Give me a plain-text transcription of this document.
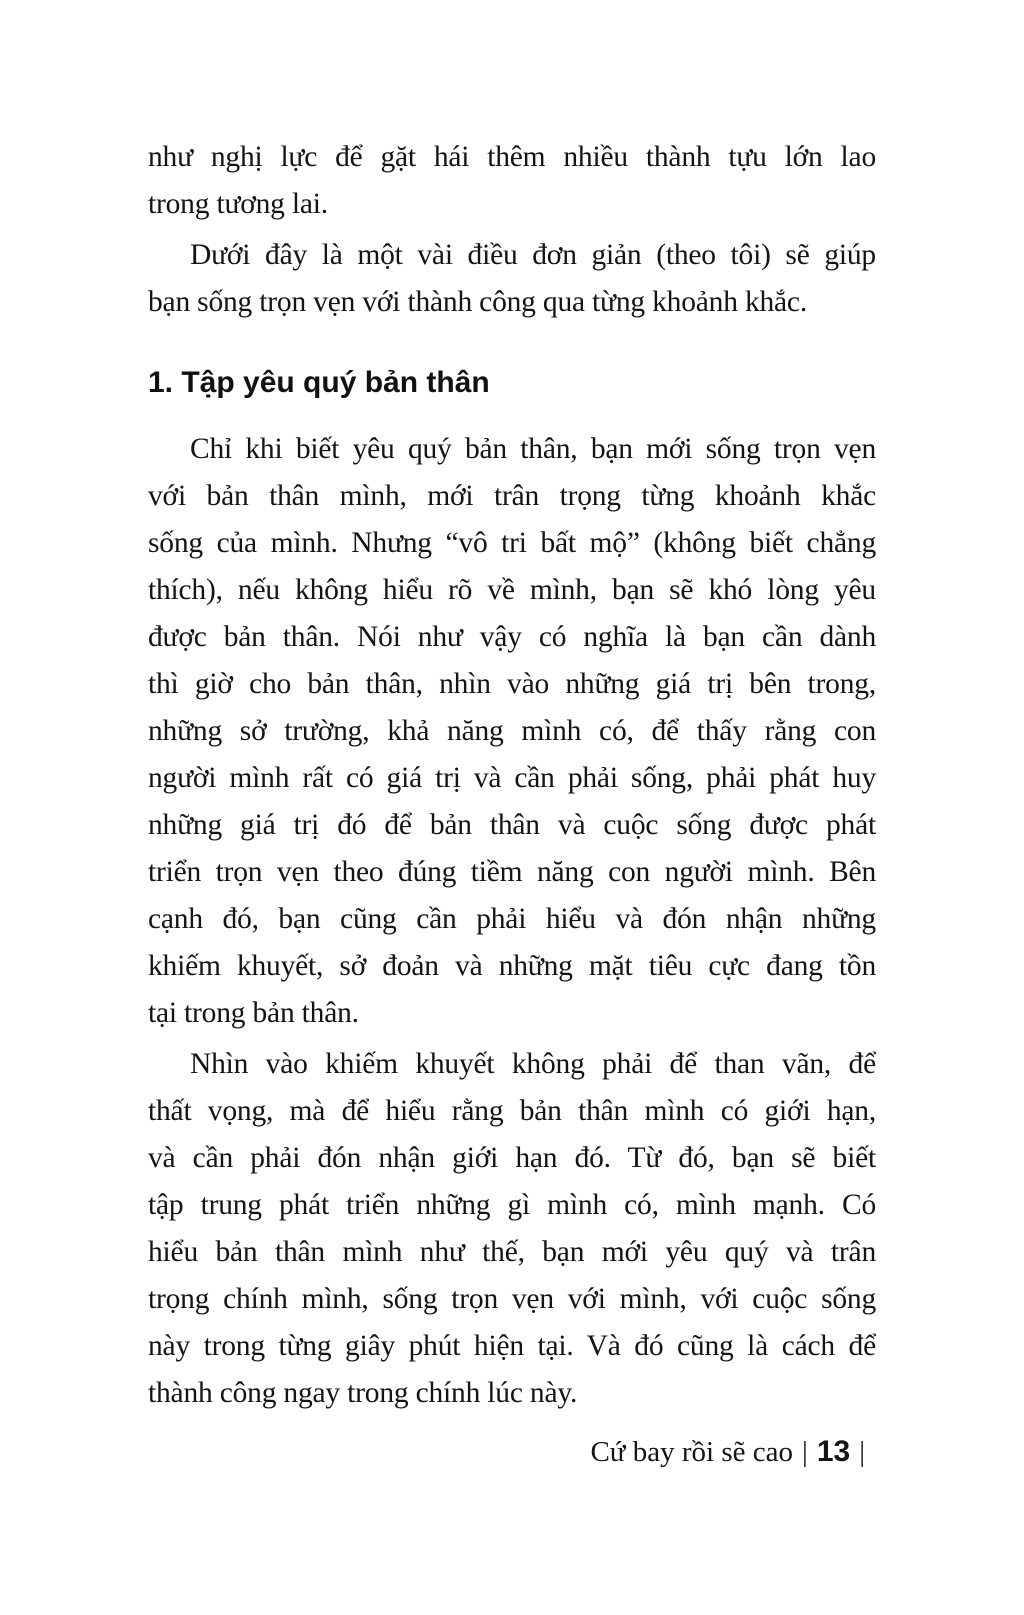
như nghị lực để gặt hái thêm nhiều thành tựu lớn lao
trong tương lai.
Dưới đây là một vài điều đơn giản (theo tôi) sẽ giúp
bạn sống trọn vẹn với thành công qua từng khoảnh khắc.
1. Tập yêu quý bản thân
Chỉ khi biết yêu quý bản thân, bạn mới sống trọn vẹn
với bản thân mình, mới trân trọng từng khoảnh khắc
sống của mình. Nhưng “vô tri bất mộ” (không biết chẳng
thích), nếu không hiểu rõ về mình, bạn sẽ khó lòng yêu
được bản thân. Nói như vậy có nghĩa là bạn cần dành
thì giờ cho bản thân, nhìn vào những giá trị bên trong,
những sở trường, khả năng mình có, để thấy rằng con
người mình rất có giá trị và cần phải sống, phải phát huy
những giá trị đó để bản thân và cuộc sống được phát
triển trọn vẹn theo đúng tiềm năng con người mình. Bên
cạnh đó, bạn cũng cần phải hiểu và đón nhận những
khiếm khuyết, sở đoản và những mặt tiêu cực đang tồn
tại trong bản thân.
Nhìn vào khiếm khuyết không phải để than vãn, để
thất vọng, mà để hiểu rằng bản thân mình có giới hạn,
và cần phải đón nhận giới hạn đó. Từ đó, bạn sẽ biết
tập trung phát triển những gì mình có, mình mạnh. Có
hiểu bản thân mình như thế, bạn mới yêu quý và trân
trọng chính mình, sống trọn vẹn với mình, với cuộc sống
này trong từng giây phút hiện tại. Và đó cũng là cách để
thành công ngay trong chính lúc này.
Cứ bay rồi sẽ cao | 13 |
